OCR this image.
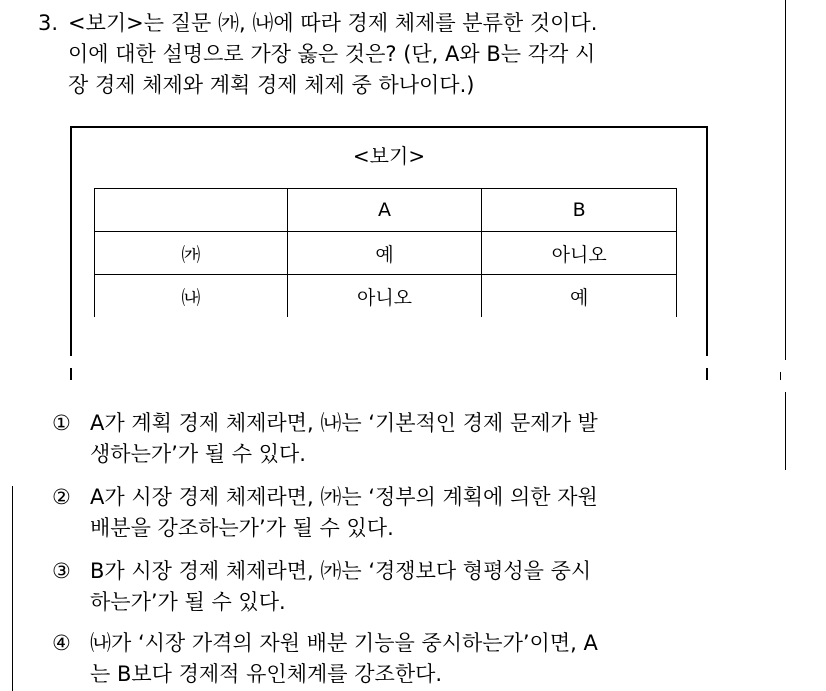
3. <보기>는 질문 ㈎, ㈏에 따라 경제 체제를 분류한 것이다.
이에 대한 설명으로 가장 옳은 것은? (단, A와 B는 각각 시
장 경제 체제와 계획 경제 체제 중 하나이다.)
<보기>
	A	B
㈎	예	아니오
㈏	아니오	예
① A가 계획 경제 체제라면, ㈏는 ‘기본적인 경제 문제가 발
생하는가’가 될 수 있다.
② A가 시장 경제 체제라면, ㈎는 ‘정부의 계획에 의한 자원
배분을 강조하는가’가 될 수 있다.
③ B가 시장 경제 체제라면, ㈎는 ‘경쟁보다 형평성을 중시
하는가’가 될 수 있다.
④ ㈏가 ‘시장 가격의 자원 배분 기능을 중시하는가’이면, A
는 B보다 경제적 유인체계를 강조한다.
